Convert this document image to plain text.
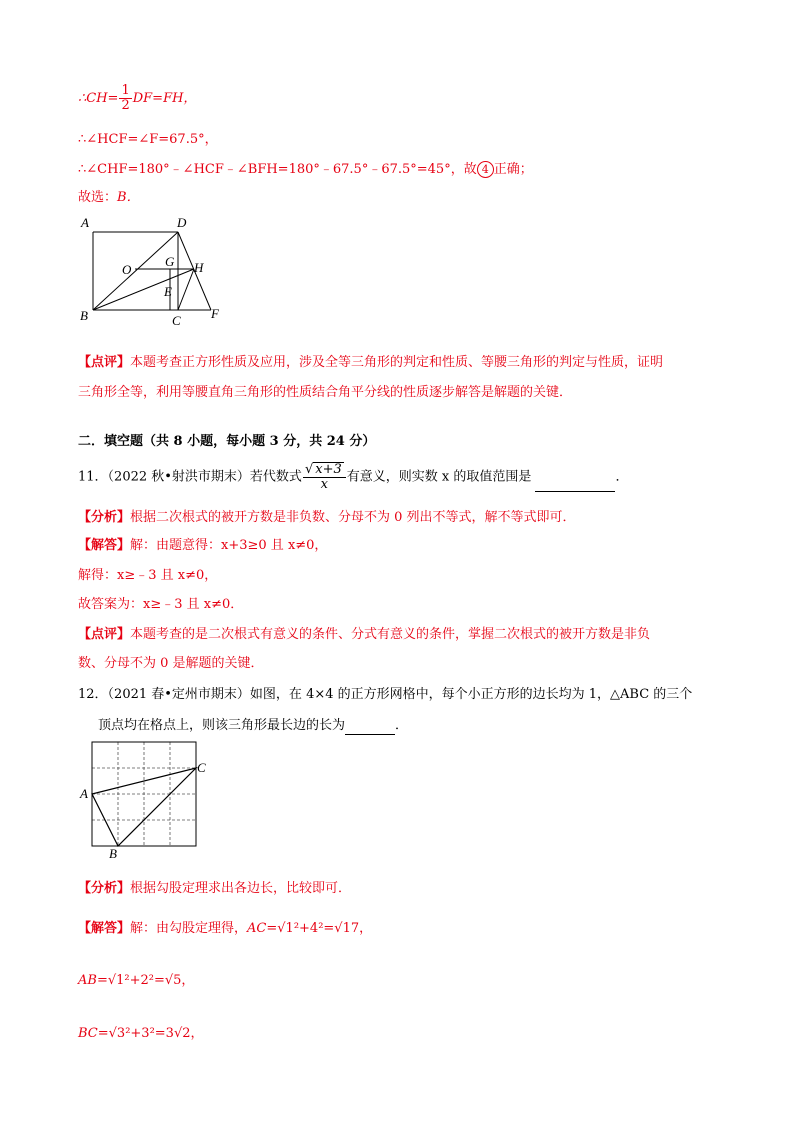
∴CH= $\frac{1}{2} DF=FH$，
∴∠HCF=∠F=67.5°，
∴∠CHF=180°﹣∠HCF﹣∠BFH=180°﹣67.5°﹣67.5°=45°，故 4 正确；
故选：B．
A	D
O
G H
E
B	C F
【点评】本题考查正方形性质及应用，涉及全等三角形的判定和性质、等腰三角形的判定与性质，证明
三角形全等，利用等腰直角三角形的性质结合角平分线的性质逐步解答是解题的关键．
二．填空题（共 8 小题，每小题 3 分，共 24 分）
11．（2022 秋•射洪市期末）若代数式 $\frac{√ x+3}{x}$ 有意义，则实数 x 的取值范围是	．
【分析】根据二次根式的被开方数是非负数、分母不为 0 列出不等式，解不等式即可．
【解答】解：由题意得：x+3≥0 且 x≠0，
解得：x≥﹣3 且 x≠0，
故答案为：x≥﹣3 且 x≠0．
【点评】本题考查的是二次根式有意义的条件、分式有意义的条件，掌握二次根式的被开方数是非负
数、分母不为 0 是解题的关键．
12．（2021 春•定州市期末）如图，在 4×4 的正方形网格中，每个小正方形的边长均为 1，△ABC 的三个
顶点均在格点上，则该三角形最长边的长为	．
A
B
C
【分析】根据勾股定理求出各边长，比较即可．
【解答】解：由勾股定理得，AC=√1²+4²=√17，
AB=√1²+2²=√5，
BC=√3²+3²=3√2，
